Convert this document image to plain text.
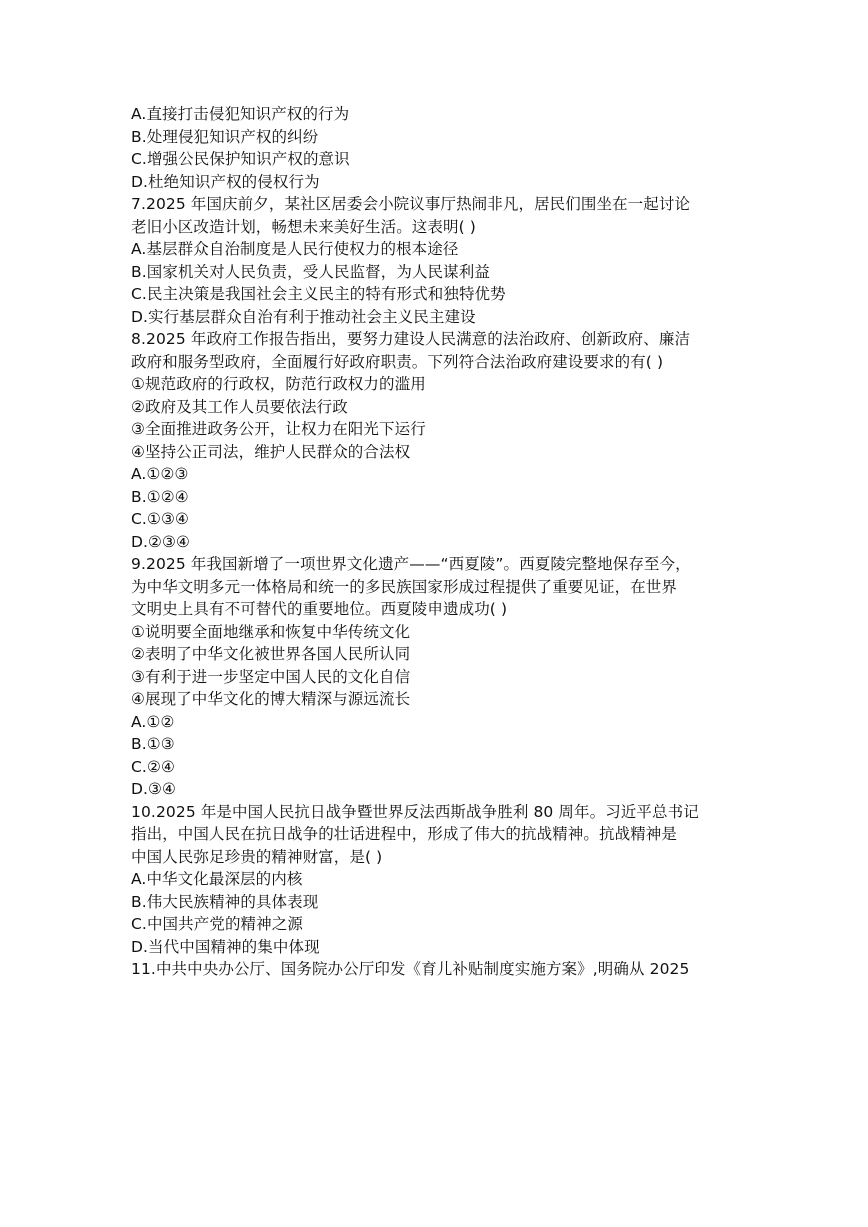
A.直接打击侵犯知识产权的行为
B.处理侵犯知识产权的纠纷
C.增强公民保护知识产权的意识
D.杜绝知识产权的侵权行为
7.2025 年国庆前夕，某社区居委会小院议事厅热闹非凡，居民们围坐在一起讨论
老旧小区改造计划，畅想未来美好生活。这表明( )
A.基层群众自治制度是人民行使权力的根本途径
B.国家机关对人民负责，受人民监督，为人民谋利益
C.民主决策是我国社会主义民主的特有形式和独特优势
D.实行基层群众自治有利于推动社会主义民主建设
8.2025 年政府工作报告指出，要努力建设人民满意的法治政府、创新政府、廉洁
政府和服务型政府，全面履行好政府职责。下列符合法治政府建设要求的有( )
①规范政府的行政权，防范行政权力的滥用
②政府及其工作人员要依法行政
③全面推进政务公开，让权力在阳光下运行
④坚持公正司法，维护人民群众的合法权
A.①②③
B.①②④
C.①③④
D.②③④
9.2025 年我国新增了一项世界文化遗产——“西夏陵”。西夏陵完整地保存至今，
为中华文明多元一体格局和统一的多民族国家形成过程提供了重要见证，在世界
文明史上具有不可替代的重要地位。西夏陵申遗成功( )
①说明要全面地继承和恢复中华传统文化
②表明了中华文化被世界各国人民所认同
③有利于进一步坚定中国人民的文化自信
④展现了中华文化的博大精深与源远流长
A.①②
B.①③
C.②④
D.③④
10.2025 年是中国人民抗日战争暨世界反法西斯战争胜利 80 周年。习近平总书记
指出，中国人民在抗日战争的壮话进程中，形成了伟大的抗战精神。抗战精神是
中国人民弥足珍贵的精神财富，是( )
A.中华文化最深层的内核
B.伟大民族精神的具体表现
C.中国共产党的精神之源
D.当代中国精神的集中体现
11.中共中央办公厅、国务院办公厅印发《育儿补贴制度实施方案》,明确从 2025
